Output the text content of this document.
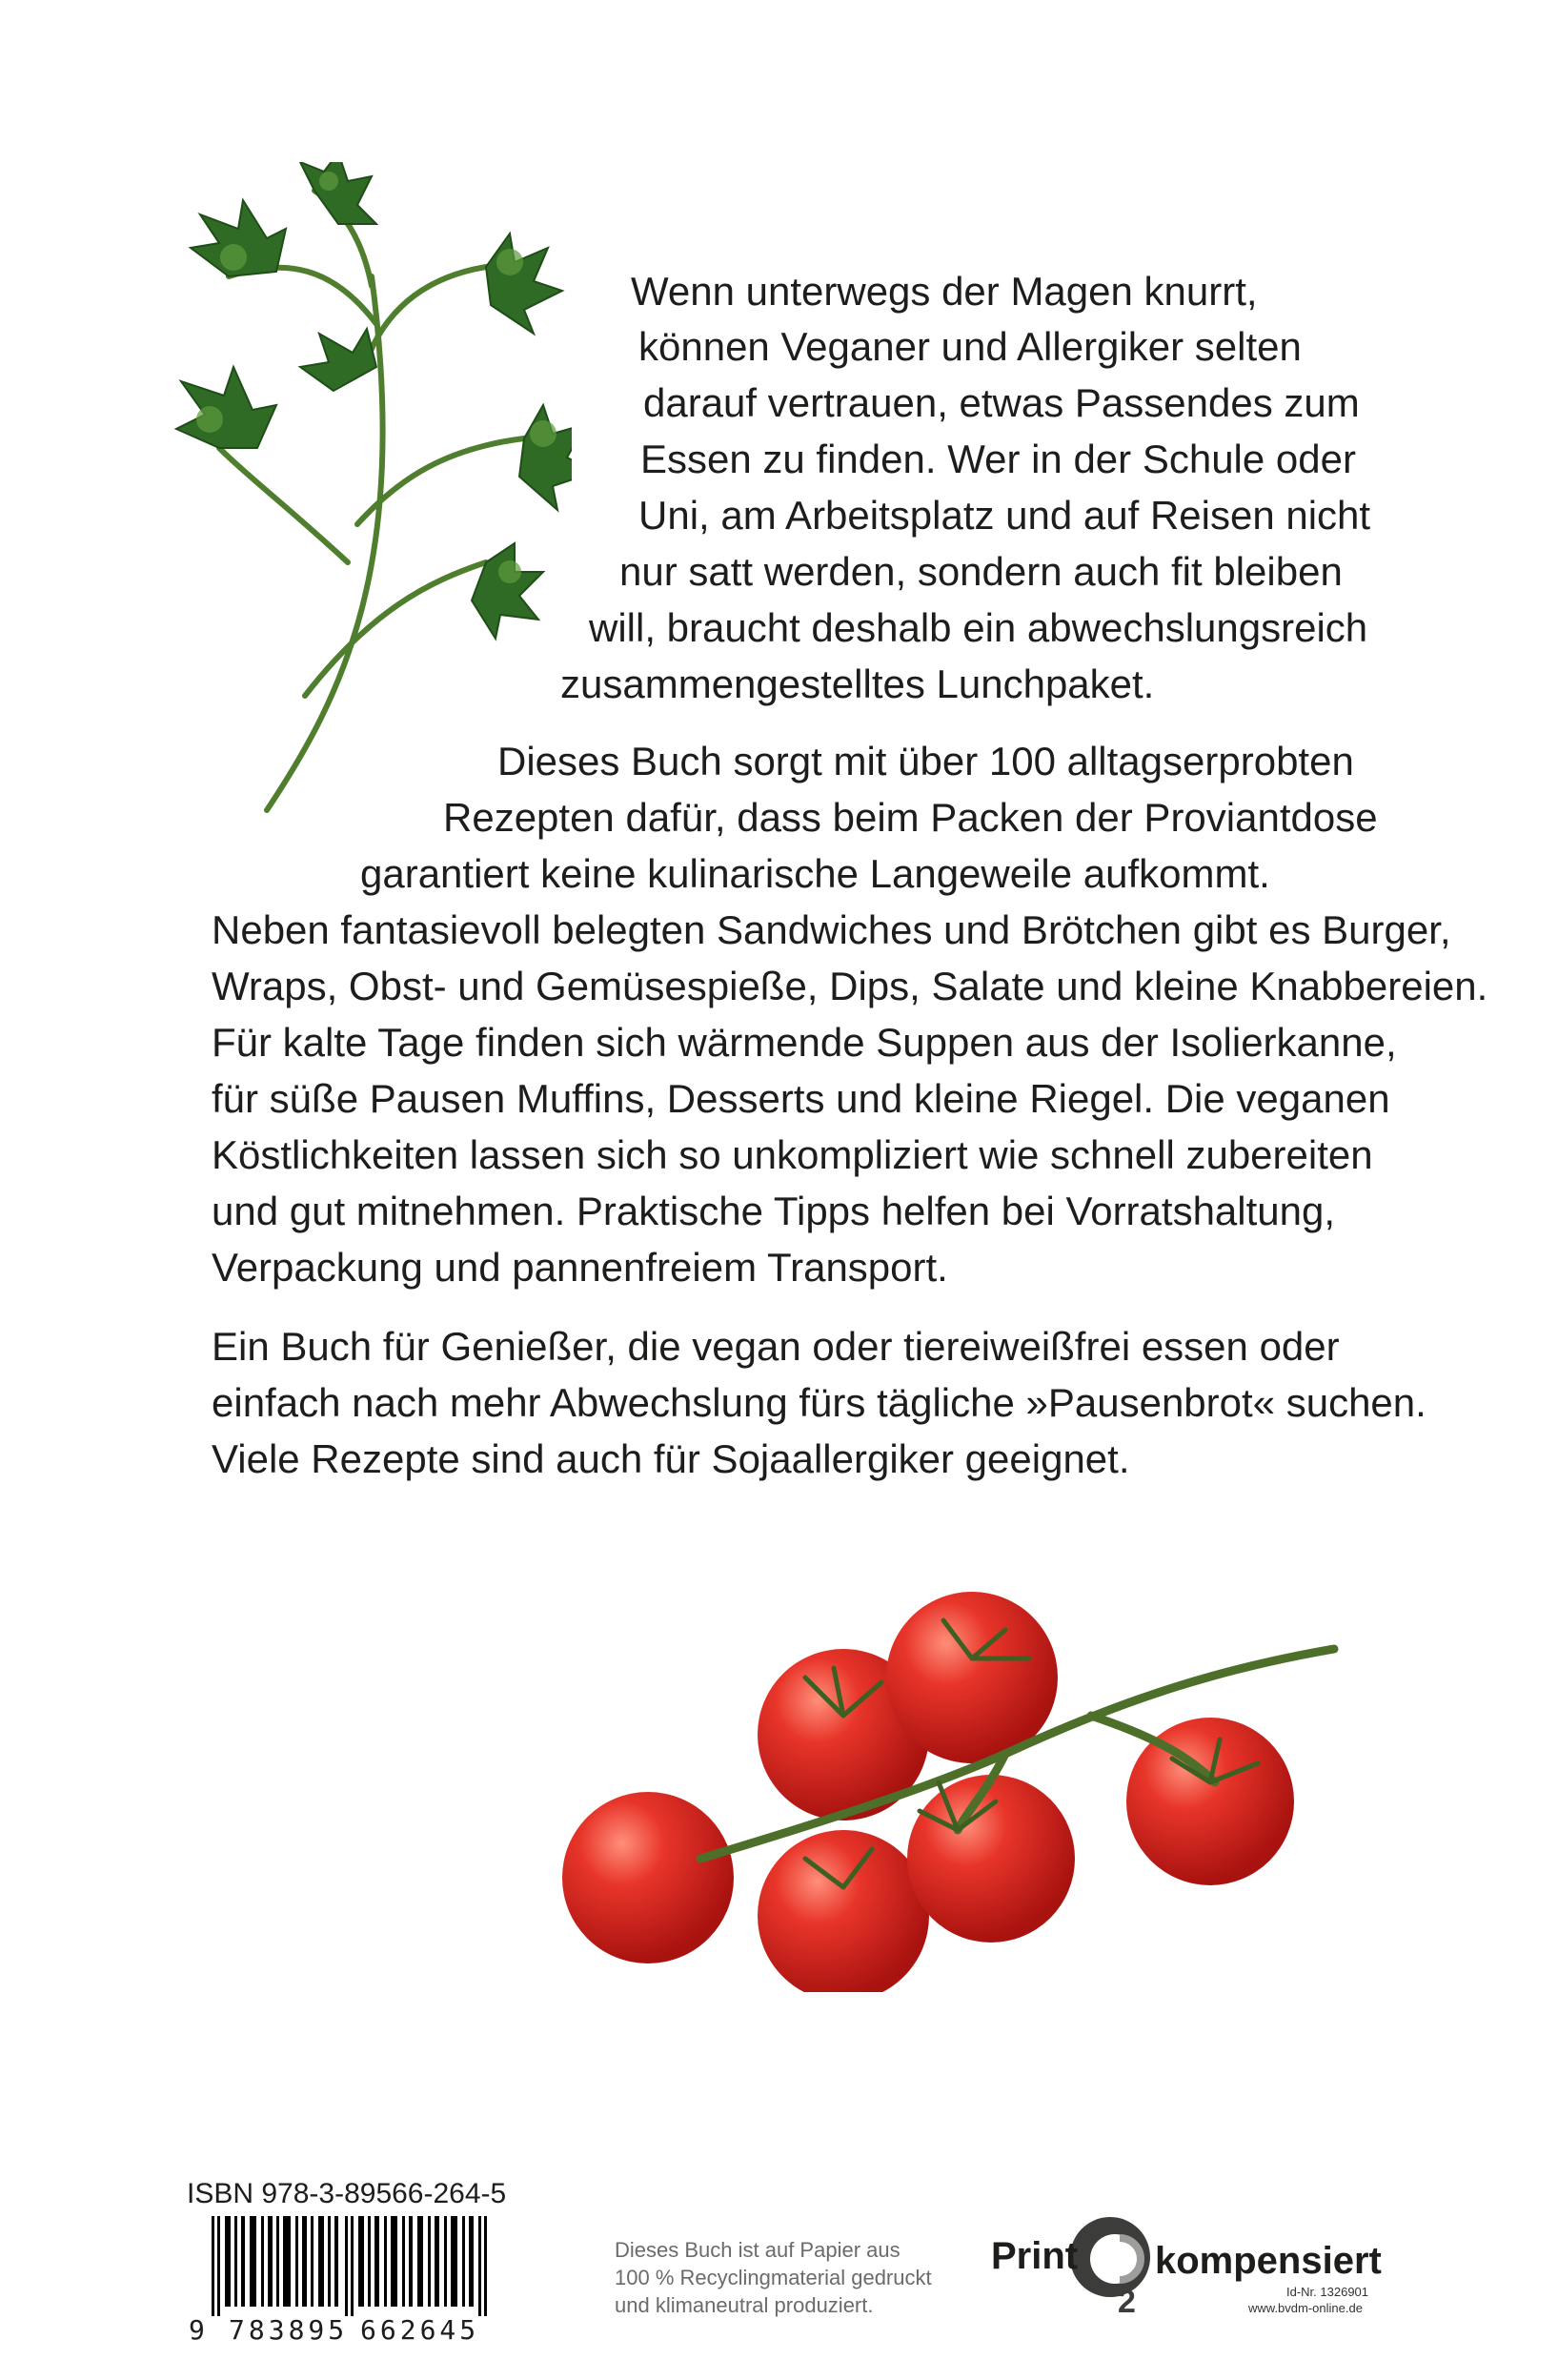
Wenn unterwegs der Magen knurrt,
können Veganer und Allergiker selten
darauf vertrauen, etwas Passendes zum
Essen zu finden. Wer in der Schule oder
Uni, am Arbeitsplatz und auf Reisen nicht
nur satt werden, sondern auch fit bleiben
will, braucht deshalb ein abwechslungsreich
zusammengestelltes Lunchpaket.
Dieses Buch sorgt mit über 100 alltagserprobten
Rezepten dafür, dass beim Packen der Proviantdose
garantiert keine kulinarische Langeweile aufkommt.
Neben fantasievoll belegten Sandwiches und Brötchen gibt es Burger,
Wraps, Obst- und Gemüsespieße, Dips, Salate und kleine Knabbereien.
Für kalte Tage finden sich wärmende Suppen aus der Isolierkanne,
für süße Pausen Muffins, Desserts und kleine Riegel. Die veganen
Köstlichkeiten lassen sich so unkompliziert wie schnell zubereiten
und gut mitnehmen. Praktische Tipps helfen bei Vorratshaltung,
Verpackung und pannenfreiem Transport.
Ein Buch für Genießer, die vegan oder tiereiweißfrei essen oder
einfach nach mehr Abwechslung fürs tägliche »Pausenbrot« suchen.
Viele Rezepte sind auch für Sojaallergiker geeignet.
ISBN 978-3-89566-264-5
9 783895 662645
Dieses Buch ist auf Papier aus
100 % Recyclingmaterial gedruckt
und klimaneutral produziert.	2
Print kompensiert
Id-Nr. 1326901
www.bvdm-online.de
